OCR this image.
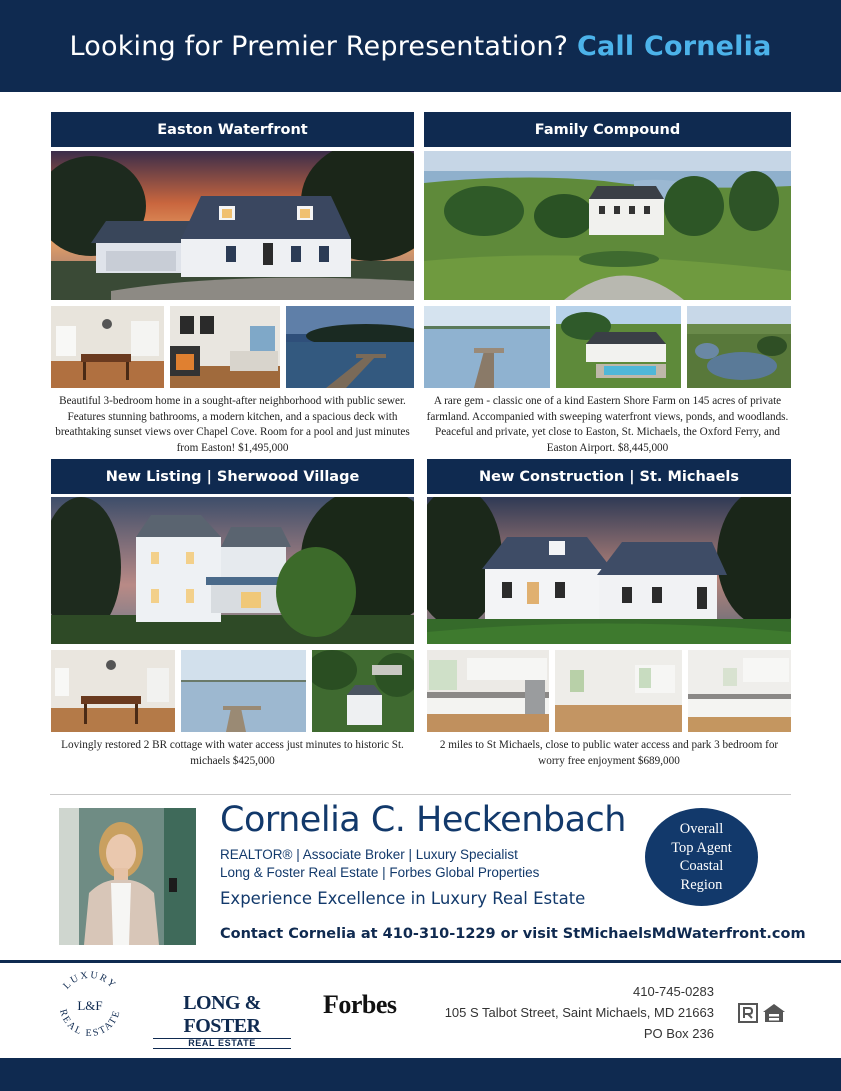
Looking for Premier Representation? Call Cornelia
Easton Waterfront
Beautiful 3-bedroom home in a sought-after neighborhood with public sewer. Features stunning bathrooms, a modern kitchen, and a spacious deck with breathtaking sunset views over Chapel Cove. Room for a pool and just minutes from Easton! $1,495,000
Family Compound
A rare gem - classic one of a kind Eastern Shore Farm on 145 acres of private farmland. Accompanied with sweeping waterfront views, ponds, and woodlands. Peaceful and private, yet close to Easton, St. Michaels, the Oxford Ferry, and Easton Airport. $8,445,000
New Listing | Sherwood Village
Lovingly restored 2 BR cottage with water access just minutes to historic St. michaels $425,000
New Construction | St. Michaels
2 miles to St Michaels, close to public water access and park 3 bedroom for worry free enjoyment $689,000
Cornelia C. Heckenbach
REALTOR® | Associate Broker | Luxury Specialist
Long & Foster Real Estate | Forbes Global Properties
Experience Excellence in Luxury Real Estate
Contact Cornelia at 410-310-1229 or visit StMichaelsMdWaterfront.com
Overall
Top Agent
Coastal
Region
LUXURY
REAL ESTATE
L&F	LONG & FOSTER
REAL ESTATE
Forbes	410-745-0283
105 S Talbot Street, Saint Michaels, MD 21663
PO Box 236
